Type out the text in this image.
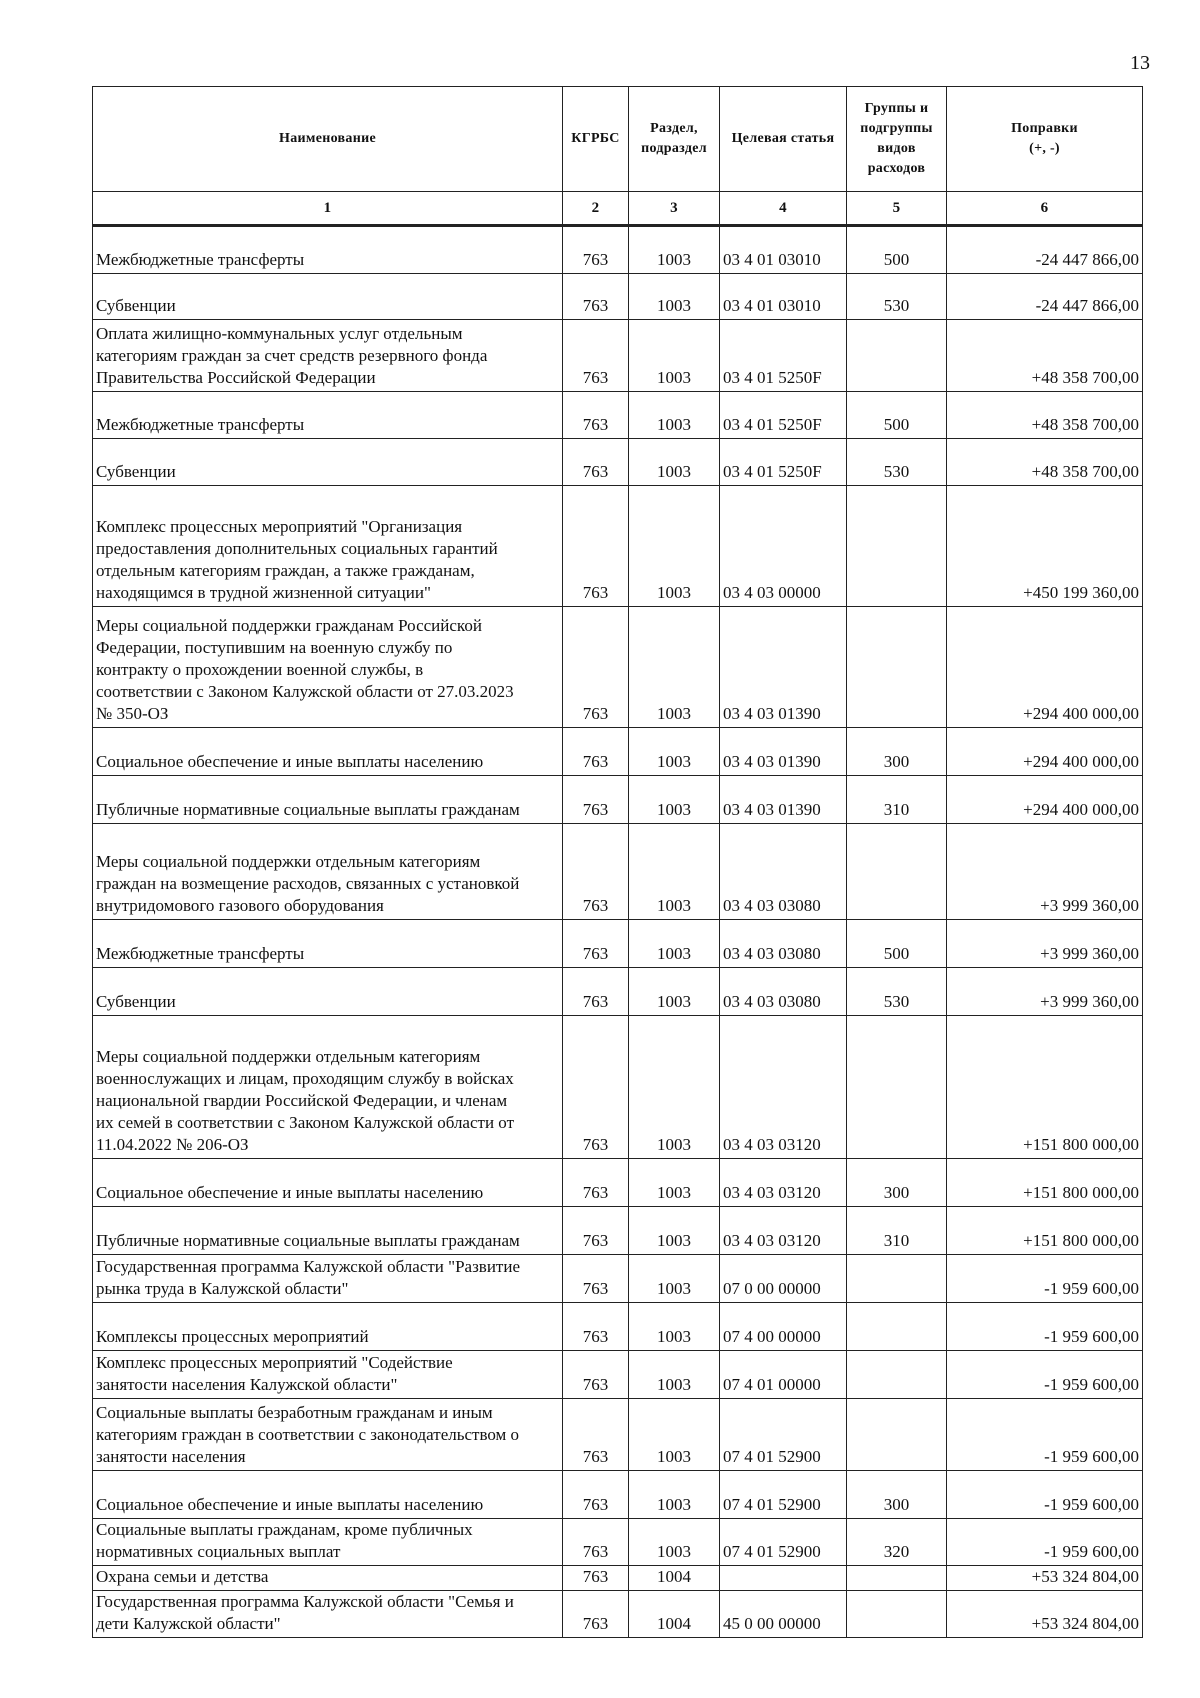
13
Наименование	КГРБС	Раздел, подраздел	Целевая статья	Группы и подгруппы видов расходов	Поправки
(+, -)
1	2	3	4	5	6

Межбюджетные трансферты	763	1003	03 4 01 03010	500	-24 447 866,00

Субвенции	763	1003	03 4 01 03010	530	-24 447 866,00

Оплата жилищно-коммунальных услуг отдельным
категориям граждан за счет средств резервного фонда
Правительства Российской Федерации	763	1003	03 4 01 5250F		+48 358 700,00

Межбюджетные трансферты	763	1003	03 4 01 5250F	500	+48 358 700,00

Субвенции	763	1003	03 4 01 5250F	530	+48 358 700,00

Комплекс процессных мероприятий "Организация
предоставления дополнительных социальных гарантий
отдельным категориям граждан, а также гражданам,
находящимся в трудной жизненной ситуации"	763	1003	03 4 03 00000		+450 199 360,00

Меры социальной поддержки гражданам Российской
Федерации, поступившим на военную службу по
контракту о прохождении военной службы, в
соответствии с Законом Калужской области от 27.03.2023
№ 350-ОЗ	763	1003	03 4 03 01390		+294 400 000,00

Социальное обеспечение и иные выплаты населению	763	1003	03 4 03 01390	300	+294 400 000,00

Публичные нормативные социальные выплаты гражданам	763	1003	03 4 03 01390	310	+294 400 000,00

Меры социальной поддержки отдельным категориям
граждан на возмещение расходов, связанных с установкой
внутридомового газового оборудования	763	1003	03 4 03 03080		+3 999 360,00

Межбюджетные трансферты	763	1003	03 4 03 03080	500	+3 999 360,00

Субвенции	763	1003	03 4 03 03080	530	+3 999 360,00

Меры социальной поддержки отдельным категориям
военнослужащих и лицам, проходящим службу в войсках
национальной гвардии Российской Федерации, и членам
их семей в соответствии с Законом Калужской области от
11.04.2022 № 206-ОЗ	763	1003	03 4 03 03120		+151 800 000,00

Социальное обеспечение и иные выплаты населению	763	1003	03 4 03 03120	300	+151 800 000,00

Публичные нормативные социальные выплаты гражданам	763	1003	03 4 03 03120	310	+151 800 000,00

Государственная программа Калужской области "Развитие
рынка труда в Калужской области"	763	1003	07 0 00 00000		-1 959 600,00

Комплексы процессных мероприятий	763	1003	07 4 00 00000		-1 959 600,00

Комплекс процессных мероприятий "Содействие
занятости населения Калужской области"	763	1003	07 4 01 00000		-1 959 600,00

Социальные выплаты безработным гражданам и иным
категориям граждан в соответствии с законодательством о
занятости населения	763	1003	07 4 01 52900		-1 959 600,00

Социальное обеспечение и иные выплаты населению	763	1003	07 4 01 52900	300	-1 959 600,00

Социальные выплаты гражданам, кроме публичных
нормативных социальных выплат	763	1003	07 4 01 52900	320	-1 959 600,00

Охрана семьи и детства	763	1004			+53 324 804,00

Государственная программа Калужской области "Семья и
дети Калужской области"	763	1004	45 0 00 00000		+53 324 804,00
